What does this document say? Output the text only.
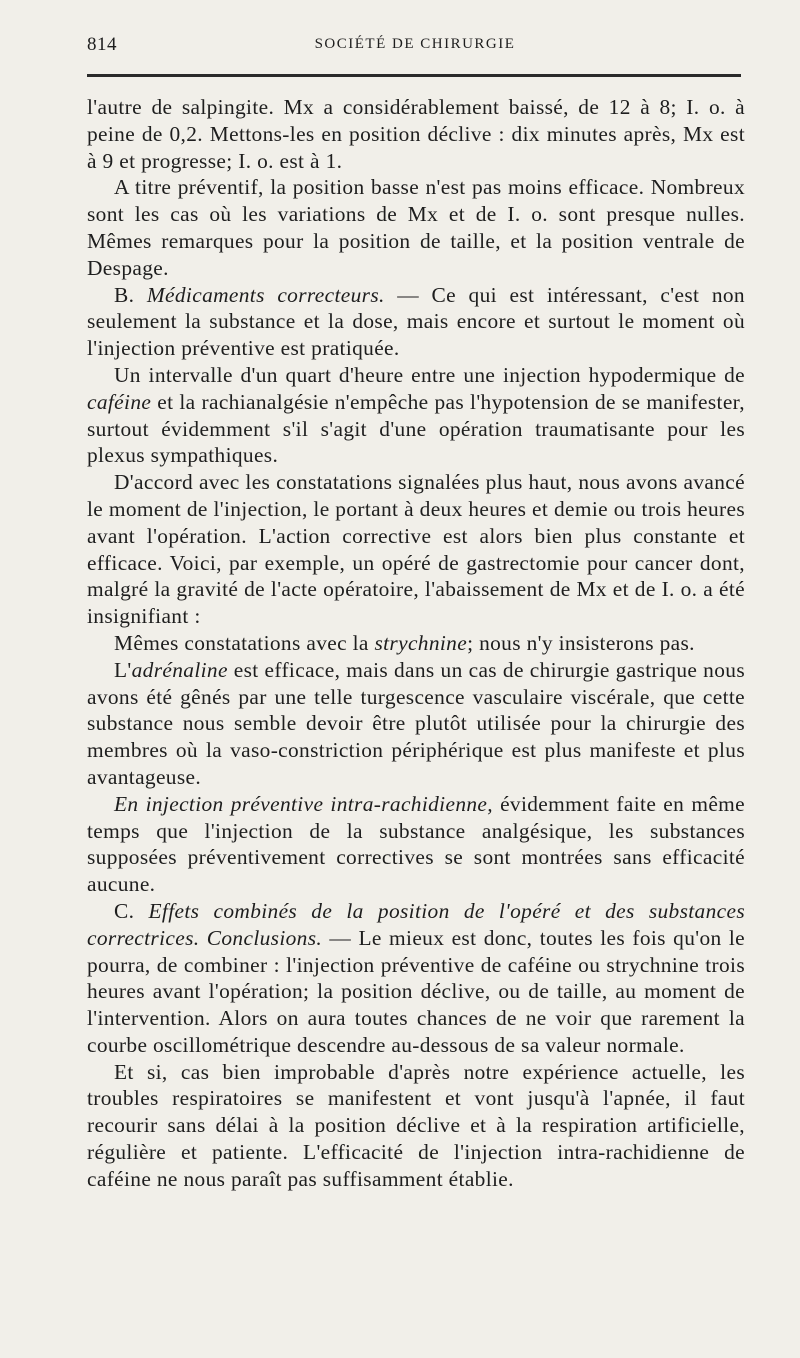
814	SOCIÉTÉ DE CHIRURGIE

l'autre de salpingite. Mx a considérablement baissé, de 12 à 8; I. o. à peine de 0,2. Mettons-les en position déclive : dix minutes après, Mx est à 9 et progresse; I. o. est à 1.

A titre préventif, la position basse n'est pas moins efficace. Nombreux sont les cas où les variations de Mx et de I. o. sont presque nulles. Mêmes remarques pour la position de taille, et la position ventrale de Despage.

B. Médicaments correcteurs. — Ce qui est intéressant, c'est non seulement la substance et la dose, mais encore et surtout le moment où l'injection préventive est pratiquée.

Un intervalle d'un quart d'heure entre une injection hypodermique de caféine et la rachianalgésie n'empêche pas l'hypotension de se manifester, surtout évidemment s'il s'agit d'une opération traumatisante pour les plexus sympathiques.

D'accord avec les constatations signalées plus haut, nous avons avancé le moment de l'injection, le portant à deux heures et demie ou trois heures avant l'opération. L'action corrective est alors bien plus constante et efficace. Voici, par exemple, un opéré de gastrectomie pour cancer dont, malgré la gravité de l'acte opératoire, l'abaissement de Mx et de I. o. a été insignifiant :

Mêmes constatations avec la strychnine; nous n'y insisterons pas.

L'adrénaline est efficace, mais dans un cas de chirurgie gastrique nous avons été gênés par une telle turgescence vasculaire viscérale, que cette substance nous semble devoir être plutôt utilisée pour la chirurgie des membres où la vaso-constriction périphérique est plus manifeste et plus avantageuse.

En injection préventive intra-rachidienne, évidemment faite en même temps que l'injection de la substance analgésique, les substances supposées préventivement correctives se sont montrées sans efficacité aucune.

C. Effets combinés de la position de l'opéré et des substances correctrices. Conclusions. — Le mieux est donc, toutes les fois qu'on le pourra, de combiner : l'injection préventive de caféine ou strychnine trois heures avant l'opération; la position déclive, ou de taille, au moment de l'intervention. Alors on aura toutes chances de ne voir que rarement la courbe oscillométrique descendre au-dessous de sa valeur normale.

Et si, cas bien improbable d'après notre expérience actuelle, les troubles respiratoires se manifestent et vont jusqu'à l'apnée, il faut recourir sans délai à la position déclive et à la respiration artificielle, régulière et patiente. L'efficacité de l'injection intra-rachidienne de caféine ne nous paraît pas suffisamment établie.
